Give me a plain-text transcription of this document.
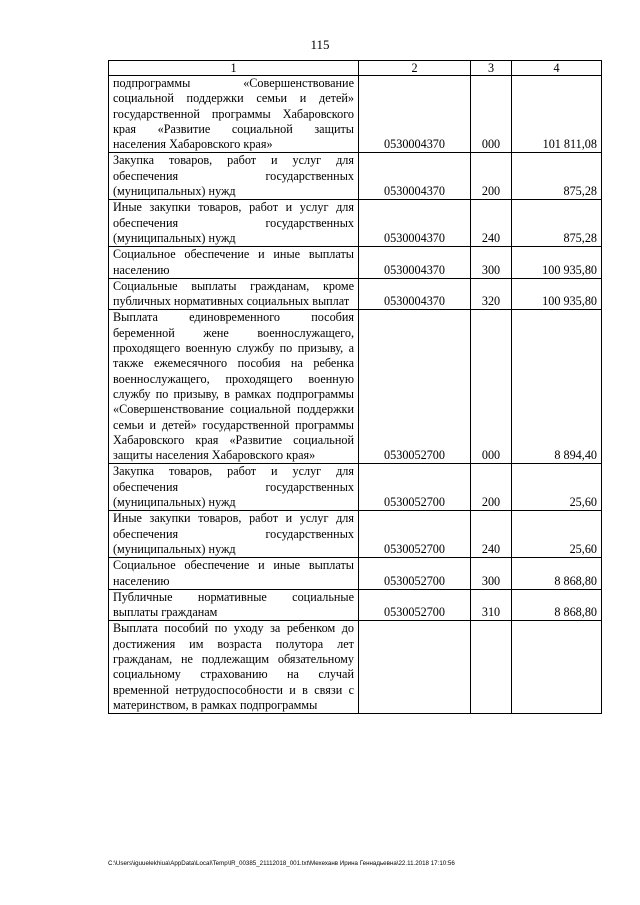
115
1	2	3	4
подпрограммы «Совершенствование социальной поддержки семьи и детей» государственной программы Хабаровского края «Развитие социальной защиты населения Хабаровского края»	0530004370	000	101 811,08
Закупка товаров, работ и услуг для обеспечения государственных (муниципальных) нужд	0530004370	200	875,28
Иные закупки товаров, работ и услуг для обеспечения государственных (муниципальных) нужд	0530004370	240	875,28
Социальное обеспечение и иные выплаты населению	0530004370	300	100 935,80
Социальные выплаты гражданам, кроме публичных нормативных социальных выплат	0530004370	320	100 935,80
Выплата единовременного пособия беременной жене военнослужащего, проходящего военную службу по призыву, а также ежемесячного пособия на ребенка военнослужащего, проходящего военную службу по призыву, в рамках подпрограммы «Совершенствование социальной поддержки семьи и детей» государственной программы Хабаровского края «Развитие социальной защиты населения Хабаровского края»	0530052700	000	8 894,40
Закупка товаров, работ и услуг для обеспечения государственных (муниципальных) нужд	0530052700	200	25,60
Иные закупки товаров, работ и услуг для обеспечения государственных (муниципальных) нужд	0530052700	240	25,60
Социальное обеспечение и иные выплаты населению	0530052700	300	8 868,80
Публичные нормативные социальные выплаты гражданам	0530052700	310	8 868,80
Выплата пособий по уходу за ребенком до достижения им возраста полутора лет гражданам, не подлежащим обязательному социальному страхованию на случай временной нетрудоспособности и в связи с материнством, в рамках подпрограммы			
C:\Users\iguuelekhiua\AppData\Local\Temp\IR_00385_21112018_001.txt\Мехеханв Ирина Геннадьевна\22.11.2018 17:10:56
